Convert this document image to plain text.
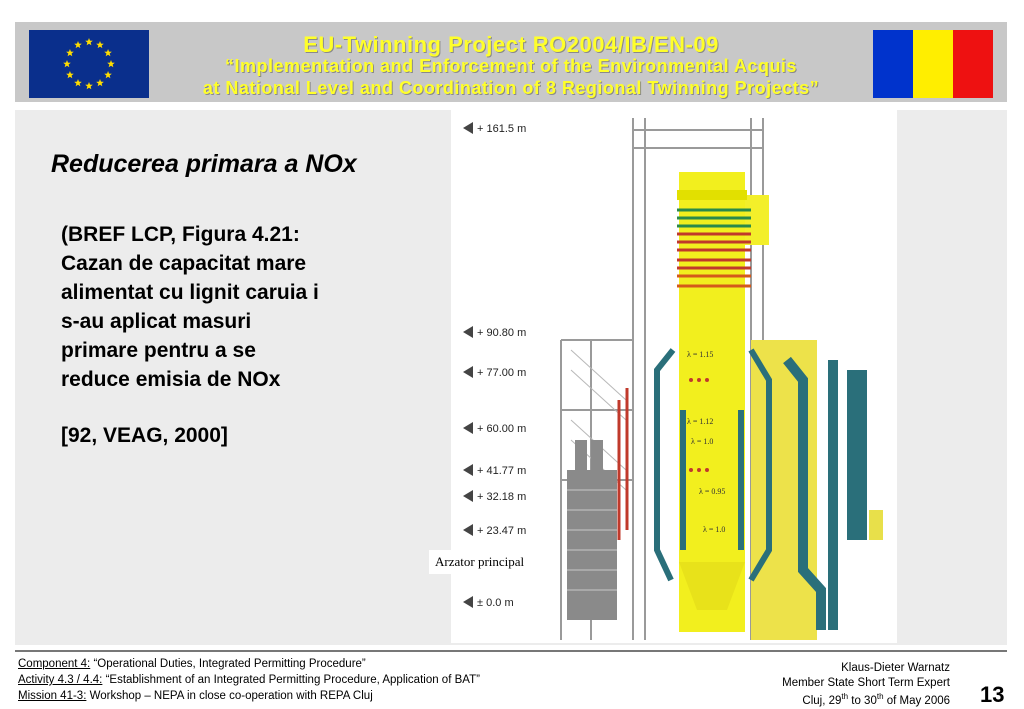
EU-Twinning Project RO2004/IB/EN-09
“Implementation and Enforcement of the Environmental Acquis
at National Level and Coordination of 8 Regional Twinning Projects”
Reducerea primara a NOx
(BREF LCP, Figura 4.21:
Cazan de capacitat mare
alimentat cu lignit caruia i
s-au aplicat masuri
primare pentru a se
reduce emisia de NOx
[92, VEAG, 2000]
+ 161.5 m
+ 90.80 m
+ 77.00 m
+ 60.00 m
+ 41.77 m
+ 32.18 m
+ 23.47 m
± 0.0 m
λ = 1.15
λ = 1.12
λ = 1.0
λ = 0.95
λ = 1.0
Arzator principal
Component 4: “Operational Duties, Integrated Permitting Procedure”
Activity 4.3 / 4.4: “Establishment of an Integrated Permitting Procedure, Application of BAT”
Mission 41-3: Workshop – NEPA in close co-operation with REPA Cluj
Klaus-Dieter Warnatz
Member State Short Term Expert
Cluj, 29th to 30th of May 2006 13
